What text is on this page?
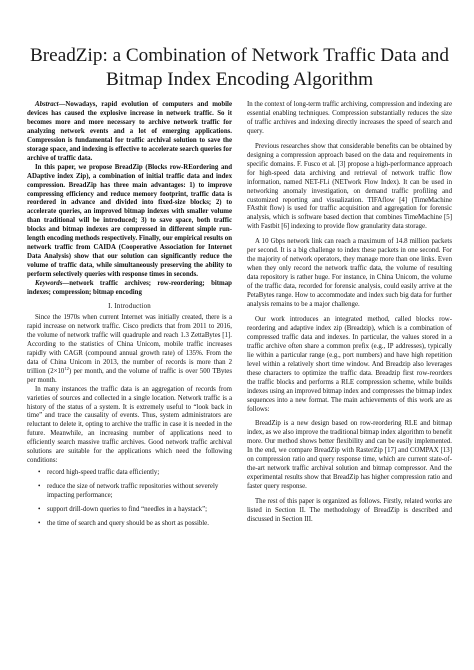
BreadZip: a Combination of Network Traffic Data and
Bitmap Index Encoding Algorithm

Abstract—Nowadays, rapid evolution of computers and mobile devices has caused the explosive increase in network traffic. So it becomes more and more necessary to archive network traffic for analyzing network events and a lot of emerging applications. Compression is fundamental for traffic archival solution to save the storage space, and indexing is effective to accelerate search queries for archive of traffic data.

In this paper, we propose BreadZip (Blocks row-REordering and ADaptive index Zip), a combination of initial traffic data and index compression. BreadZip has three main advantages: 1) to improve compressing efficiency and reduce memory footprint, traffic data is reordered in advance and divided into fixed-size blocks; 2) to accelerate queries, an improved bitmap indexes with smaller volume than traditional will be introduced; 3) to save space, both traffic blocks and bitmap indexes are compressed in different simple run-length encoding methods respectively. Finally, our empirical results on network traffic from CAIDA (Cooperative Association for Internet Data Analysis) show that our solution can significantly reduce the volume of traffic data, while simultaneously preserving the ability to perform selectively queries with response times in seconds.

Keywords—network traffic archives; row-reordering; bitmap indexes; compression; bitmap encoding

I. Introduction

Since the 1970s when current Internet was initially created, there is a rapid increase on network traffic. Cisco predicts that from 2011 to 2016, the volume of network traffic will quadruple and reach 1.3 ZettaBytes [1]. According to the statistics of China Unicom, mobile traffic increases rapidly with CAGR (compound annual growth rate) of 135%. From the data of China Unicom in 2013, the number of records is more than 2 trillion $(2\times 10^{12})$ per month, and the volume of traffic is over 500 TBytes per month.

In many instances the traffic data is an aggregation of records from varieties of sources and collected in a single location. Network traffic is a history of the status of a system. It is extremely useful to “look back in time” and trace the causality of events. Thus, system administrators are reluctant to delete it, opting to archive the traffic in case it is needed in the future. Meanwhile, an increasing number of applications need to efficiently search massive traffic archives. Good network traffic archival solutions are suitable for the applications which need the following conditions:

• record high-speed traffic data efficiently;
• reduce the size of network traffic repositories without severely impacting performance;
• support drill-down queries to find “needles in a haystack”;
• the time of search and query should be as short as possible.

In the context of long-term traffic archiving, compression and indexing are essential enabling techniques. Compression substantially reduces the size of traffic archives and indexing directly increases the speed of search and query.

Previous researches show that considerable benefits can be obtained by designing a compression approach based on the data and requirements in specific domains. F. Fusco et al. [3] propose a high-performance approach for high-speed data archiving and retrieval of network traffic flow information, named NET-FLi (NETwork Flow Index). It can be used in networking anomaly investigation, on demand traffic profiling and customized reporting and visualization. TIFAflow [4] (TimeMachine FAsthit flow) is used for traffic acquisition and aggregation for forensic analysis, which is software based dection that combines TimeMachine [5] with Fastbit [6] indexing to provide flow granularity data storage.

A 10 Gbps network link can reach a maximum of 14.8 million packets per second. It is a big challenge to index these packets in one second. For the majority of network operators, they manage more than one links. Even when they only record the network traffic data, the volume of resulting data repository is rather huge. For instance, in China Unicom, the volume of the traffic data, recorded for forensic analysis, could easily arrive at the PetaBytes range. How to accommodate and index such big data for further analysis remains to be a major challenge.

Our work introduces an integrated method, called blocks row-reordering and adaptive index zip (Breadzip), which is a combination of compressed traffic data and indexes. In particular, the values stored in a traffic archive often share a common prefix (e.g., IP addresses), typically lie within a particular range (e.g., port numbers) and have high repetition level within a relatively short time window. And Breadzip also leverages these characters to optimize the traffic data. Breadzip first row-reorders the traffic blocks and performs a RLE compression scheme, while builds indexes using an improved bitmap index and compresses the bitmap index sequences into a new format. The main achievements of this work are as follows:

BreadZip is a new design based on row-reordering RLE and bitmap index, as we also improve the traditional bitmap index algorithm to benefit more. Our method shows better flexibility and can be easily implemented. In the end, we compare BreadZip with RasterZip [17] and COMPAX [13] on compression ratio and query response time, which are current state-of-the-art network traffic archival solution and bitmap compressor. And the experimental results show that BreadZip has higher compression ratio and faster query response.

The rest of this paper is organized as follows. Firstly, related works are listed in Section II. The methodology of BreadZip is described and discussed in Section III.
